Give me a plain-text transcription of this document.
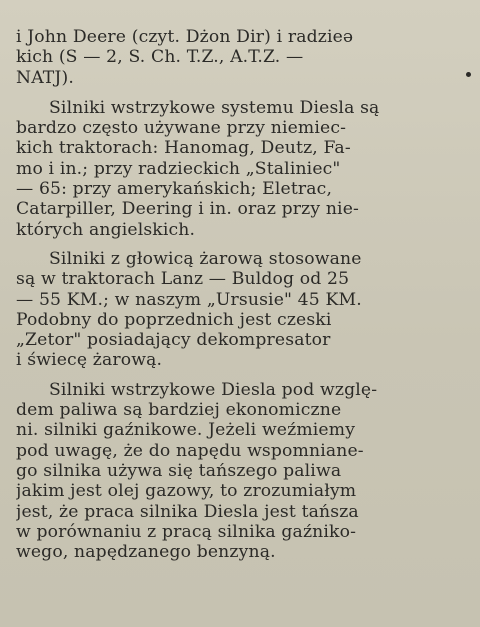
i John Deere (czyt. Dżon Dir) i radzieə
kich (S — 2, S. Ch. T.Z., A.T.Z. —
NATJ).

Silniki wstrzykowe systemu Diesla są
bardzo często używane przy niemiec-
kich traktorach: Hanomag, Deutz, Fa-
mo i in.; przy radzieckich „Staliniec"
— 65: przy amerykańskich; Eletrac,
Catarpiller, Deering i in. oraz przy nie-
których angielskich.

Silniki z głowicą żarową stosowane
są w traktorach Lanz — Buldog od 25
— 55 KM.; w naszym „Ursusie" 45 KM.
Podobny do poprzednich jest czeski
„Zetor" posiadający dekompresator
i świecę żarową.

Silniki wstrzykowe Diesla pod wzglę-
dem paliwa są bardziej ekonomiczne
ni. silniki gaźnikowe. Jeżeli weźmiemy
pod uwagę, że do napędu wspomniane-
go silnika używa się tańszego paliwa
jakim jest olej gazowy, to zrozumiałym
jest, że praca silnika Diesla jest tańsza
w porównaniu z pracą silnika gaźniko-
wego, napędzanego benzyną.
